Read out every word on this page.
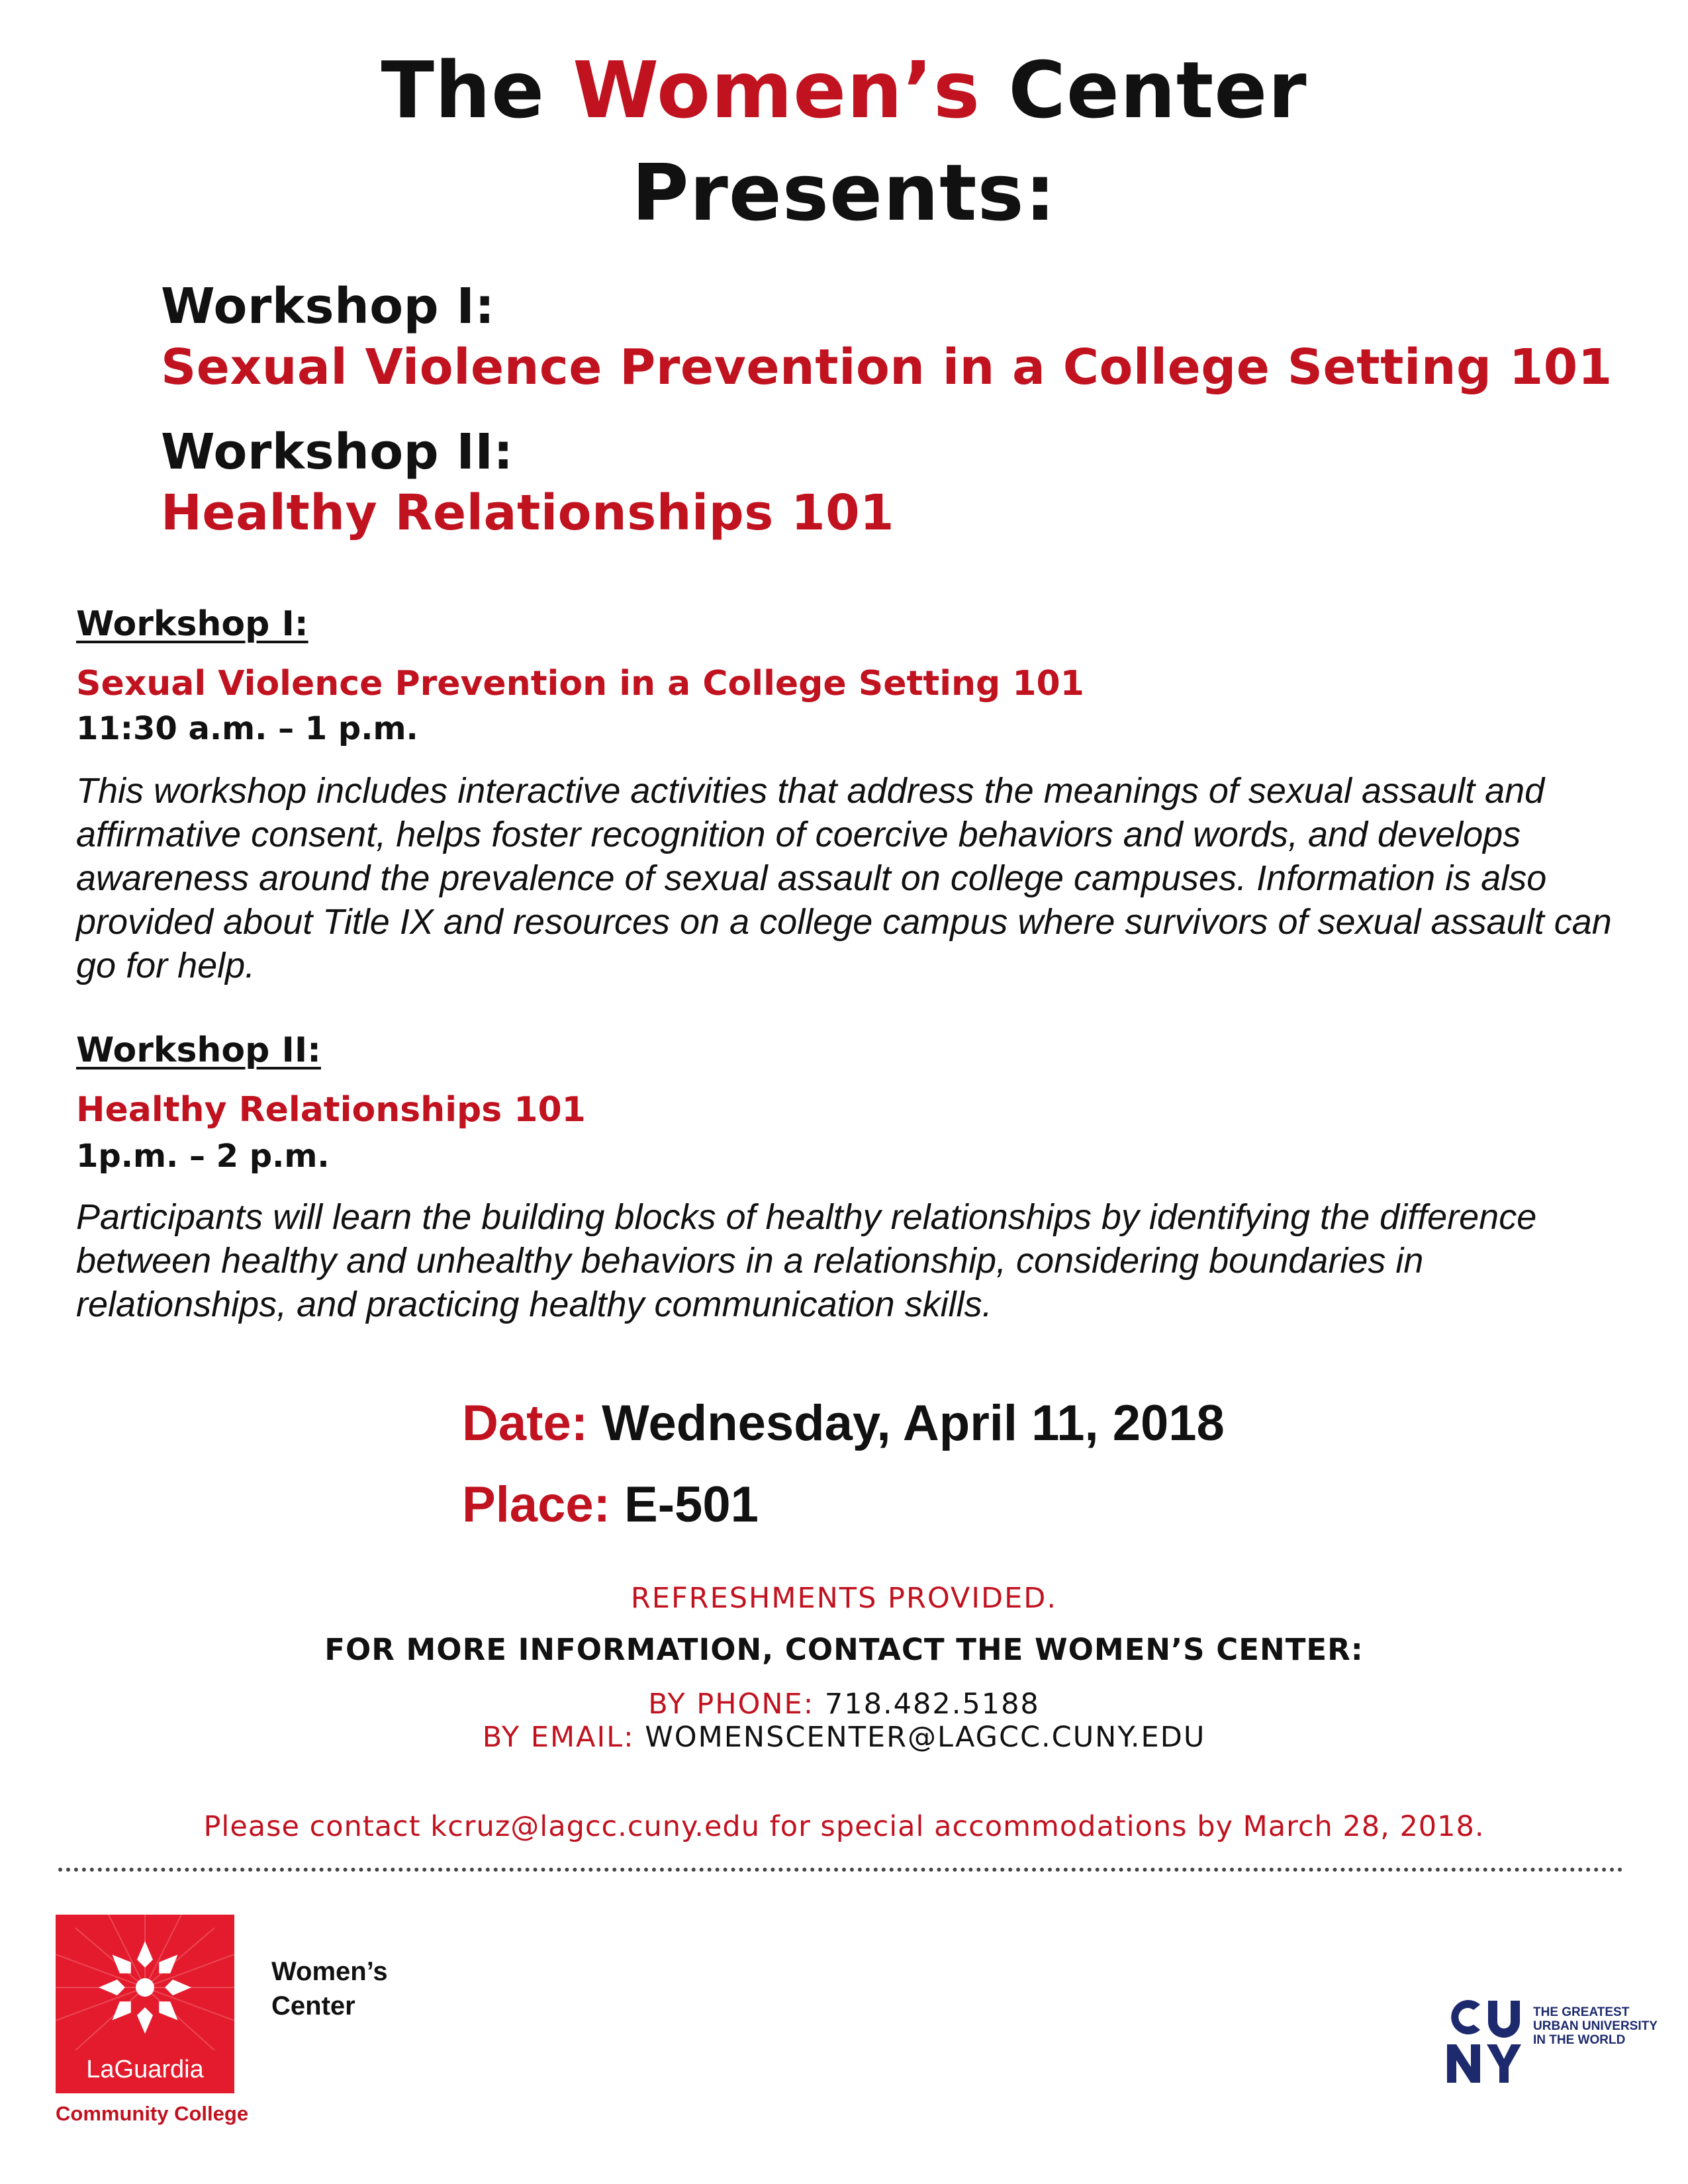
The Women’s Center
Presents:
Workshop I:
Sexual Violence Prevention in a College Setting 101
Workshop II:
Healthy Relationships 101
Workshop I:
Sexual Violence Prevention in a College Setting 101
11:30 a.m. – 1 p.m.

This workshop includes interactive activities that address the meanings of sexual assault and affirmative consent, helps foster recognition of coercive behaviors and words, and develops awareness around the prevalence of sexual assault on college campuses. Information is also provided about Title IX and resources on a college campus where survivors of sexual assault can go for help.

Workshop II:
Healthy Relationships 101
1p.m. – 2 p.m.

Participants will learn the building blocks of healthy relationships by identifying the difference between healthy and unhealthy behaviors in a relationship, considering boundaries in relationships, and practicing healthy communication skills.

Date: Wednesday, April 11, 2018
Place: E-501
REFRESHMENTS PROVIDED.
FOR MORE INFORMATION, CONTACT THE WOMEN’S CENTER:
BY PHONE: 718.482.5188
BY EMAIL: WOMENSCENTER@LAGCC.CUNY.EDU
Please contact kcruz@lagcc.cuny.edu for special accommodations by March 28, 2018.
LaGuardia
Community College
Women’s
Center	THE GREATEST
URBAN UNIVERSITY
IN THE WORLD
